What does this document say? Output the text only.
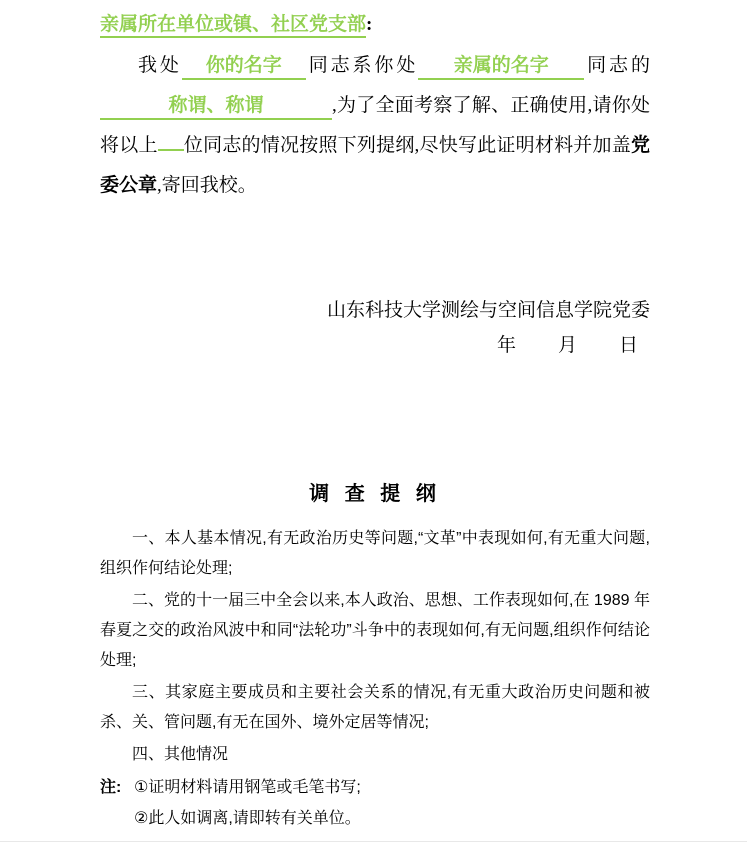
亲属所在单位或镇、社区党支部:

我处 你的名字 同志系你处 亲属的名字 同志的称谓、称谓	,为了全面考察了解、正确使用,请你处将以上 位同志的情况按照下列提纲,尽快写此证明材料并加盖党委公章,寄回我校。

山东科技大学测绘与空间信息学院党委

年 月 日

调 查 提 纲

一、本人基本情况,有无政治历史等问题,“文革”中表现如何,有无重大问题,组织作何结论处理;

二、党的十一届三中全会以来,本人政治、思想、工作表现如何,在 1989 年春夏之交的政治风波中和同“法轮功”斗争中的表现如何,有无问题,组织作何结论处理;

三、其家庭主要成员和主要社会关系的情况,有无重大政治历史问题和被杀、关、管问题,有无在国外、境外定居等情况;

四、其他情况

注: ①证明材料请用钢笔或毛笔书写;

②此人如调离,请即转有关单位。
